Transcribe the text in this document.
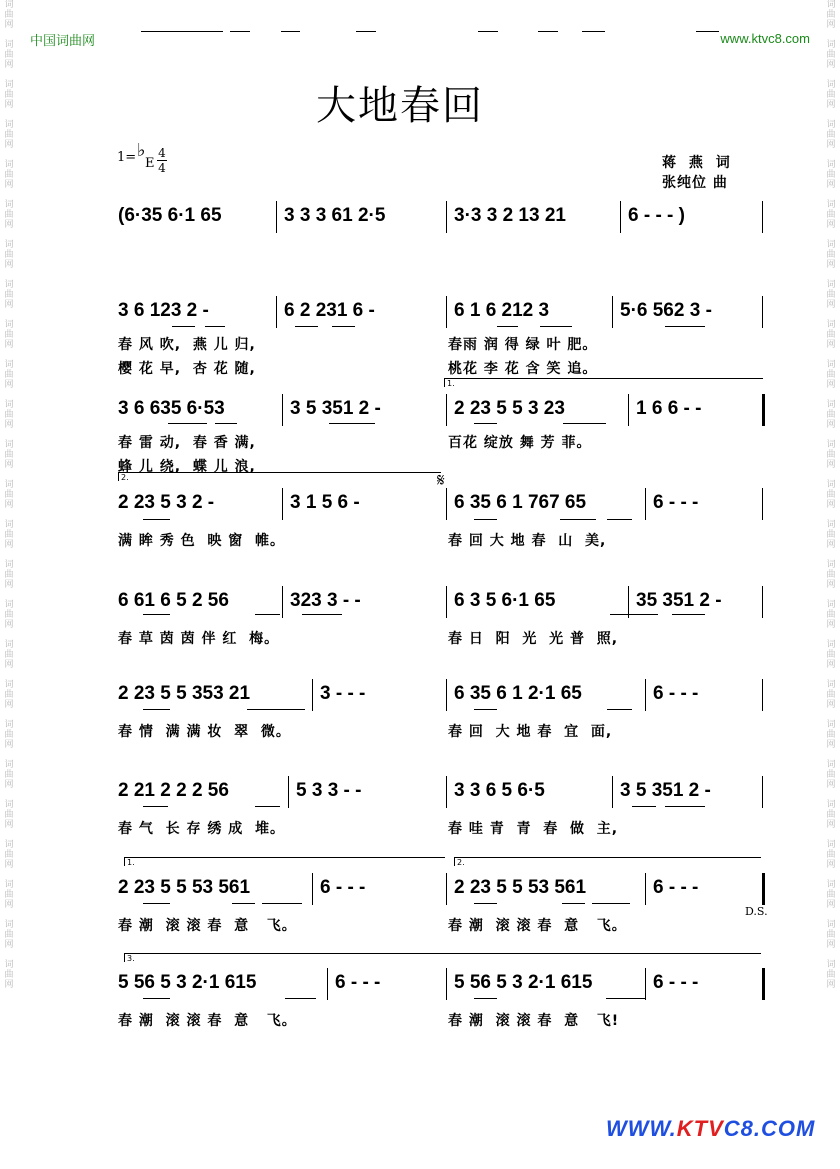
词
曲
网

词
曲
网

词
曲
网

词
曲
网

词
曲
网

词
曲
网

词
曲
网

词
曲
网

词
曲
网

词
曲
网

词
曲
网

词
曲
网

词
曲
网

词
曲
网

词
曲
网

词
曲
网

词
曲
网

词
曲
网

词
曲
网

词
曲
网

词
曲
网

词
曲
网

词
曲
网

词
曲
网

词
曲
网
词
曲
网

词
曲
网

词
曲
网

词
曲
网

词
曲
网

词
曲
网

词
曲
网

词
曲
网

词
曲
网

词
曲
网

词
曲
网

词
曲
网

词
曲
网

词
曲
网

词
曲
网

词
曲
网

词
曲
网

词
曲
网

词
曲
网

词
曲
网

词
曲
网

词
曲
网

词
曲
网

词
曲
网

词
曲
网
中国词曲网	www.ktvc8.com
大地春回
1= ♭
E
4
4	蒋 燕 词
张纯位 曲
(6·35 6·1 65	3 3 3 61 2·5	3·3 3 2 13 21	6 - - - )
3 6 123 2 -	6 2 231 6 -	6 1 6 212 3	5·6 562 3 -
春 风 吹,  燕 儿 归,	春雨 润 得 绿 叶 肥。
樱 花 早,  杏 花 随,	桃花 李 花 含 笑 追。
3 6 635 6·53	3 5 351 2 -	2 23 5 5 3 23	1 6 6 - -
春 雷 动,  春 香 满,	百花 绽放 舞 芳 菲。
蜂 儿 绕,  蝶 儿 浪,
2 23 5 3 2 -	3 1 5 6 -	6 35 6 1 767 65	6 - - -
满 眸 秀 色  映 窗  帷。	春 回 大 地 春  山  美,
6 61 6 5 2 56	323 3 - -	6 3 5 6·1 65	35 351 2 -
春 草 茵 茵 伴 红  梅。	春 日  阳  光  光 普  照,
2 23 5 5 353 21	3 - - -	6 35 6 1 2·1 65	6 - - -
春 情  满 满 妆  翠  微。	春 回  大 地 春  宜  面,
2 21 2 2 2 56	5 3 3 - -	3 3 6 5 6·5	3 5 351 2 -
春 气  长 存 绣 成  堆。	春 哇 青  青  春  做  主,
2 23 5 5 53 561	6 - - -	2 23 5 5 53 561	6 - - -
春 潮  滚 滚 春  意   飞。	春 潮  滚 滚 春  意   飞。
5 56 5 3 2·1 615	6 - - -	5 56 5 3 2·1 615	6 - - -
春 潮  滚 滚 春  意   飞。	春 潮  滚 滚 春  意   飞!
1.
2.
1.	2.
3.
D.S.
𝄋
WWW.KTVC8.COM
